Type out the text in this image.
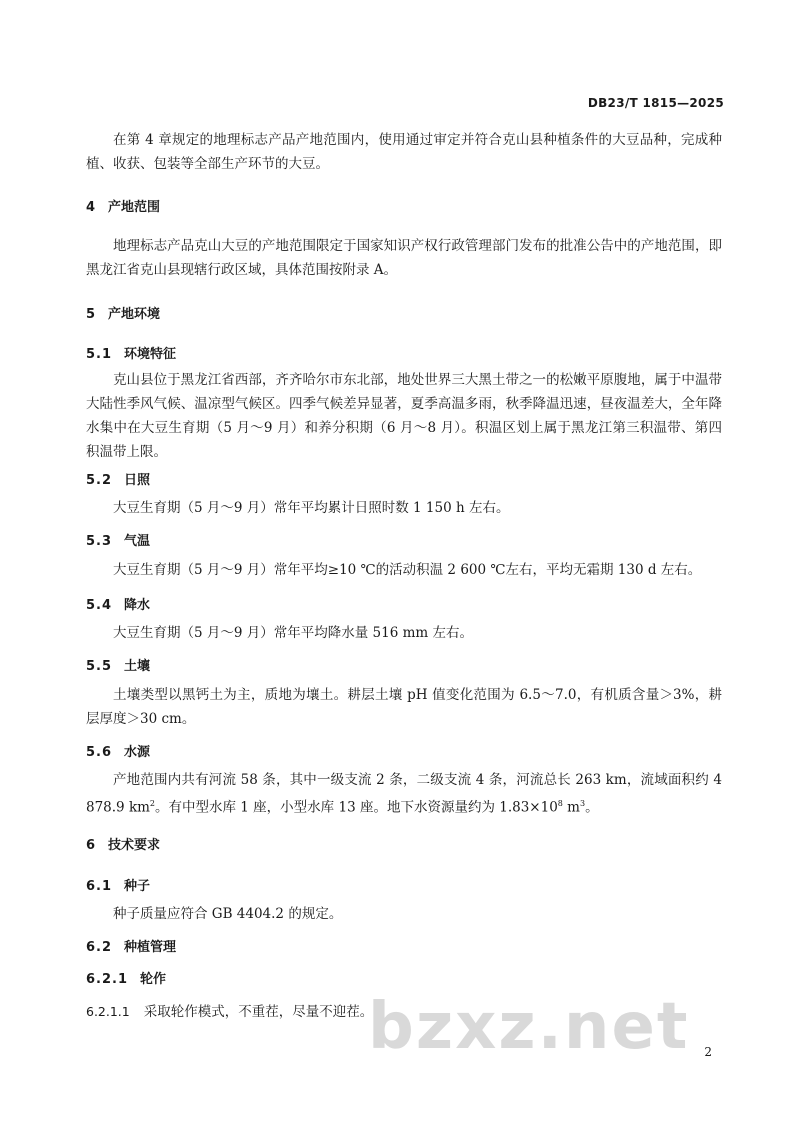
DB23/T 1815—2025

在第 4 章规定的地理标志产品产地范围内，使用通过审定并符合克山县种植条件的大豆品种，完成种植、收获、包装等全部生产环节的大豆。

4 产地范围

地理标志产品克山大豆的产地范围限定于国家知识产权行政管理部门发布的批准公告中的产地范围，即黑龙江省克山县现辖行政区域，具体范围按附录 A。

5 产地环境
5.1 环境特征

克山县位于黑龙江省西部，齐齐哈尔市东北部，地处世界三大黑土带之一的松嫩平原腹地，属于中温带大陆性季风气候、温凉型气候区。四季气候差异显著，夏季高温多雨，秋季降温迅速，昼夜温差大，全年降水集中在大豆生育期（5 月～9 月）和养分积期（6 月～8 月）。积温区划上属于黑龙江第三积温带、第四积温带上限。

5.2 日照

大豆生育期（5 月～9 月）常年平均累计日照时数 1 150 h 左右。

5.3 气温

大豆生育期（5 月～9 月）常年平均≥10 ℃的活动积温 2 600 ℃左右，平均无霜期 130 d 左右。

5.4 降水

大豆生育期（5 月～9 月）常年平均降水量 516 mm 左右。

5.5 土壤

土壤类型以黑钙土为主，质地为壤土。耕层土壤 pH 值变化范围为 6.5～7.0，有机质含量＞3%，耕层厚度＞30 cm。

5.6 水源

产地范围内共有河流 58 条，其中一级支流 2 条，二级支流 4 条，河流总长 263 km，流域面积约 4 878.9 $km^2$。有中型水库 1 座，小型水库 13 座。地下水资源量约为 $1.83\times 10^8$ $m^3$。

6 技术要求
6.1 种子

种子质量应符合 GB 4404.2 的规定。

6.2 种植管理
6.2.1 轮作
6.2.1.1 采取轮作模式，不重茬，尽量不迎茬。
bzxz.net 2
